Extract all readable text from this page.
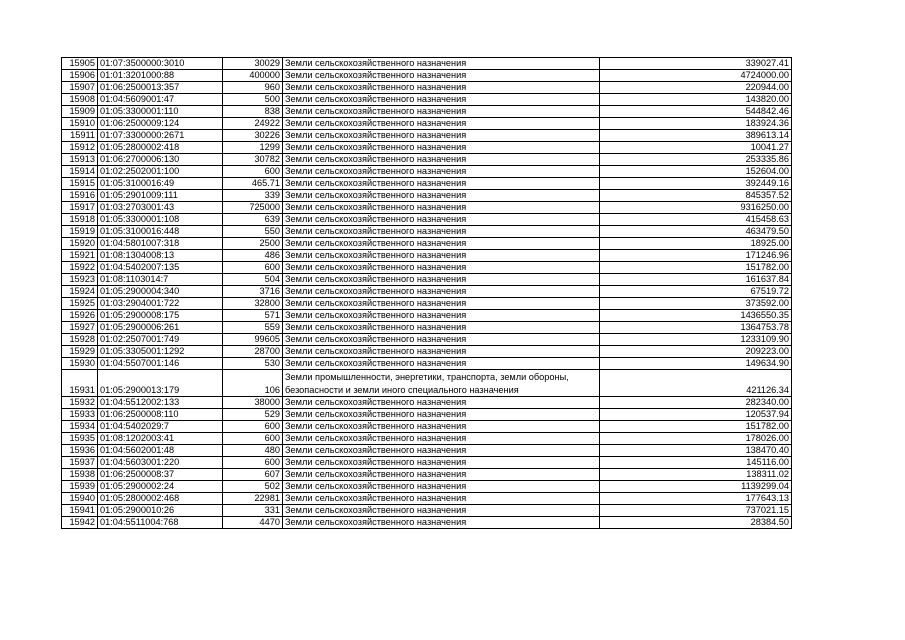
15905	01:07:3500000:3010	30029	Земли сельскохозяйственного назначения	339027.41
15906	01:01:3201000:88	400000	Земли сельскохозяйственного назначения	4724000.00
15907	01:06:2500013:357	960	Земли сельскохозяйственного назначения	220944.00
15908	01:04:5609001:47	500	Земли сельскохозяйственного назначения	143820.00
15909	01:05:3300001:110	838	Земли сельскохозяйственного назначения	544842.46
15910	01:06:2500009:124	24922	Земли сельскохозяйственного назначения	183924.36
15911	01:07:3300000:2671	30226	Земли сельскохозяйственного назначения	389613.14
15912	01:05:2800002:418	1299	Земли сельскохозяйственного назначения	10041.27
15913	01:06:2700006:130	30782	Земли сельскохозяйственного назначения	253335.86
15914	01:02:2502001:100	600	Земли сельскохозяйственного назначения	152604.00
15915	01:05:3100016:49	465.71	Земли сельскохозяйственного назначения	392449.16
15916	01:05:2901009:111	339	Земли сельскохозяйственного назначения	845357.52
15917	01:03:2703001:43	725000	Земли сельскохозяйственного назначения	9316250.00
15918	01:05:3300001:108	639	Земли сельскохозяйственного назначения	415458.63
15919	01:05:3100016:448	550	Земли сельскохозяйственного назначения	463479.50
15920	01:04:5801007:318	2500	Земли сельскохозяйственного назначения	18925.00
15921	01:08:1304008:13	486	Земли сельскохозяйственного назначения	171246.96
15922	01:04:5402007:135	600	Земли сельскохозяйственного назначения	151782.00
15923	01:08:1103014:7	504	Земли сельскохозяйственного назначения	161637.84
15924	01:05:2900004:340	3716	Земли сельскохозяйственного назначения	67519.72
15925	01:03:2904001:722	32800	Земли сельскохозяйственного назначения	373592.00
15926	01:05:2900008:175	571	Земли сельскохозяйственного назначения	1436550.35
15927	01:05:2900006:261	559	Земли сельскохозяйственного назначения	1364753.78
15928	01:02:2507001:749	99605	Земли сельскохозяйственного назначения	1233109.90
15929	01:05:3305001:1292	28700	Земли сельскохозяйственного назначения	209223.00
15930	01:04:5507001:146	530	Земли сельскохозяйственного назначения	149634.90
15931	01:05:2900013:179	106	Земли промышленности, энергетики, транспорта, земли обороны, безопасности и земли иного специального назначения	421126.34
15932	01:04:5512002:133	38000	Земли сельскохозяйственного назначения	282340.00
15933	01:06:2500008:110	529	Земли сельскохозяйственного назначения	120537.94
15934	01:04:5402029:7	600	Земли сельскохозяйственного назначения	151782.00
15935	01:08:1202003:41	600	Земли сельскохозяйственного назначения	178026.00
15936	01:04:5602001:48	480	Земли сельскохозяйственного назначения	138470.40
15937	01:04:5603001:220	600	Земли сельскохозяйственного назначения	145116.00
15938	01:06:2500008:37	607	Земли сельскохозяйственного назначения	138311.02
15939	01:05:2900002:24	502	Земли сельскохозяйственного назначения	1139299.04
15940	01:05:2800002:468	22981	Земли сельскохозяйственного назначения	177643.13
15941	01:05:2900010:26	331	Земли сельскохозяйственного назначения	737021.15
15942	01:04:5511004:768	4470	Земли сельскохозяйственного назначения	28384.50
